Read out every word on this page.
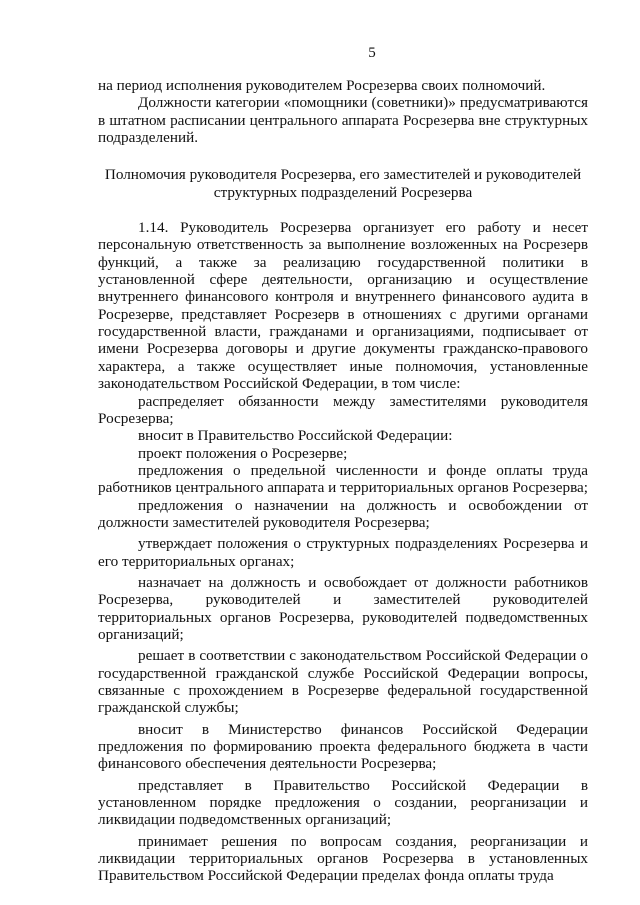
5

на период исполнения руководителем Росрезерва своих полномочий.

Должности категории «помощники (советники)» предусматриваются в штатном расписании центрального аппарата Росрезерва вне структурных подразделений.

Полномочия руководителя Росрезерва, его заместителей и руководителей структурных подразделений Росрезерва

1.14. Руководитель Росрезерва организует его работу и несет персональную ответственность за выполнение возложенных на Росрезерв функций, а также за реализацию государственной политики в установленной сфере деятельности, организацию и осуществление внутреннего финансового контроля и внутреннего финансового аудита в Росрезерве, представляет Росрезерв в отношениях с другими органами государственной власти, гражданами и организациями, подписывает от имени Росрезерва договоры и другие документы гражданско-правового характера, а также осуществляет иные полномочия, установленные законодательством Российской Федерации, в том числе:

распределяет обязанности между заместителями руководителя Росрезерва;

вносит в Правительство Российской Федерации:

проект положения о Росрезерве;

предложения о предельной численности и фонде оплаты труда работников центрального аппарата и территориальных органов Росрезерва;

предложения о назначении на должность и освобождении от должности заместителей руководителя Росрезерва;

утверждает положения о структурных подразделениях Росрезерва и его территориальных органах;

назначает на должность и освобождает от должности работников Росрезерва, руководителей и заместителей руководителей территориальных органов Росрезерва, руководителей подведомственных организаций;

решает в соответствии с законодательством Российской Федерации о государственной гражданской службе Российской Федерации вопросы, связанные с прохождением в Росрезерве федеральной государственной гражданской службы;

вносит в Министерство финансов Российской Федерации предложения по формированию проекта федерального бюджета в части финансового обеспечения деятельности Росрезерва;

представляет в Правительство Российской Федерации в установленном порядке предложения о создании, реорганизации и ликвидации подведомственных организаций;

принимает решения по вопросам создания, реорганизации и ликвидации территориальных органов Росрезерва в установленных Правительством Российской Федерации пределах фонда оплаты труда
